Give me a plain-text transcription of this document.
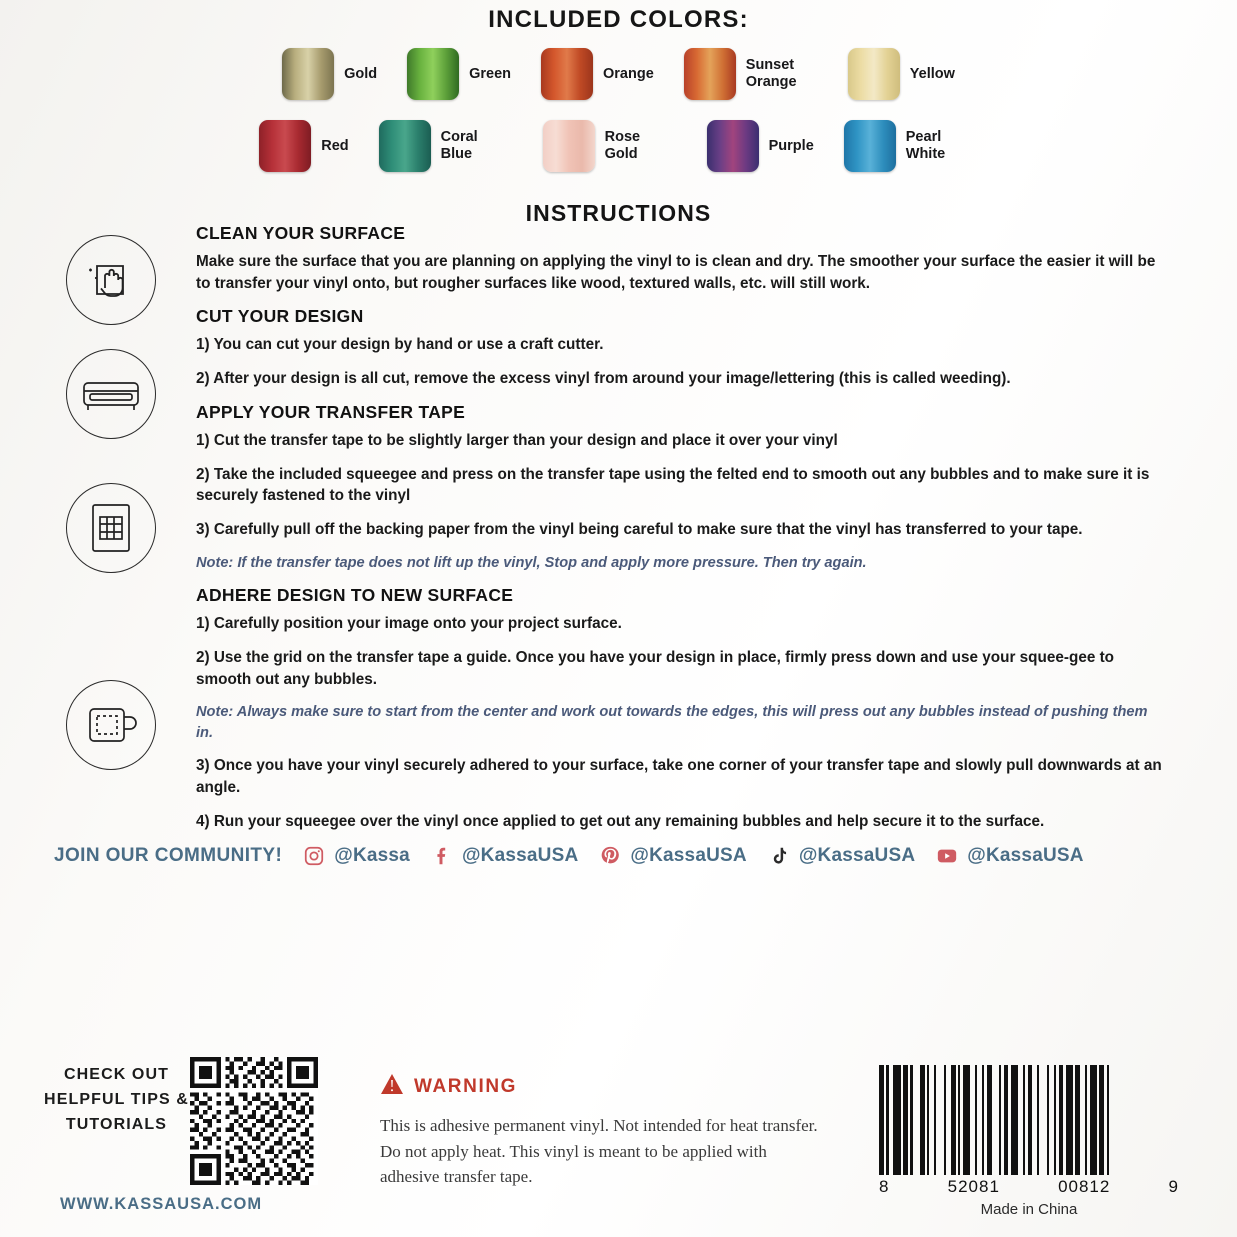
INCLUDED COLORS:
Gold	Green	Orange
Sunset Orange
Yellow
Red
Coral Blue
Rose Gold
Purple
Pearl White
INSTRUCTIONS
CLEAN YOUR SURFACE
Make sure the surface that you are planning on applying the vinyl to is clean and dry. The smoother your surface the easier it will be to transfer your vinyl onto, but rougher surfaces like wood, textured walls, etc. will still work.
CUT YOUR DESIGN
1) You can cut your design by hand or use a craft cutter.
2) After your design is all cut, remove the excess vinyl from around your image/lettering (this is called weeding).
APPLY YOUR TRANSFER TAPE
1) Cut the transfer tape to be slightly larger than your design and place it over your vinyl
2) Take the included squeegee and press on the transfer tape using the felted end to smooth out any bubbles and to make sure it is securely fastened to the vinyl
3) Carefully pull off the backing paper from the vinyl being careful to make sure that the vinyl has transferred to your tape.
Note: If the transfer tape does not lift up the vinyl, Stop and apply more pressure. Then try again.
ADHERE DESIGN TO NEW SURFACE
1) Carefully position your image onto your project surface.
2) Use the grid on the transfer tape a guide. Once you have your design in place, firmly press down and use your squee-gee to smooth out any bubbles.
Note: Always make sure to start from the center and work out towards the edges, this will press out any bubbles instead of pushing them in.
3) Once you have your vinyl securely adhered to your surface, take one corner of your transfer tape and slowly pull downwards at an angle.
4) Run your squeegee over the vinyl once applied to get out any remaining bubbles and help secure it to the surface.
JOIN OUR COMMUNITY!	@Kassa	@KassaUSA	@KassaUSA	@KassaUSA	@KassaUSA
CHECK OUT HELPFUL TIPS & TUTORIALS
WWW.KASSAUSA.COM
WARNING
This is adhesive permanent vinyl. Not intended for heat transfer. Do not apply heat. This vinyl is meant to be applied with adhesive transfer tape.
8	52081	00812	9
Made in China
